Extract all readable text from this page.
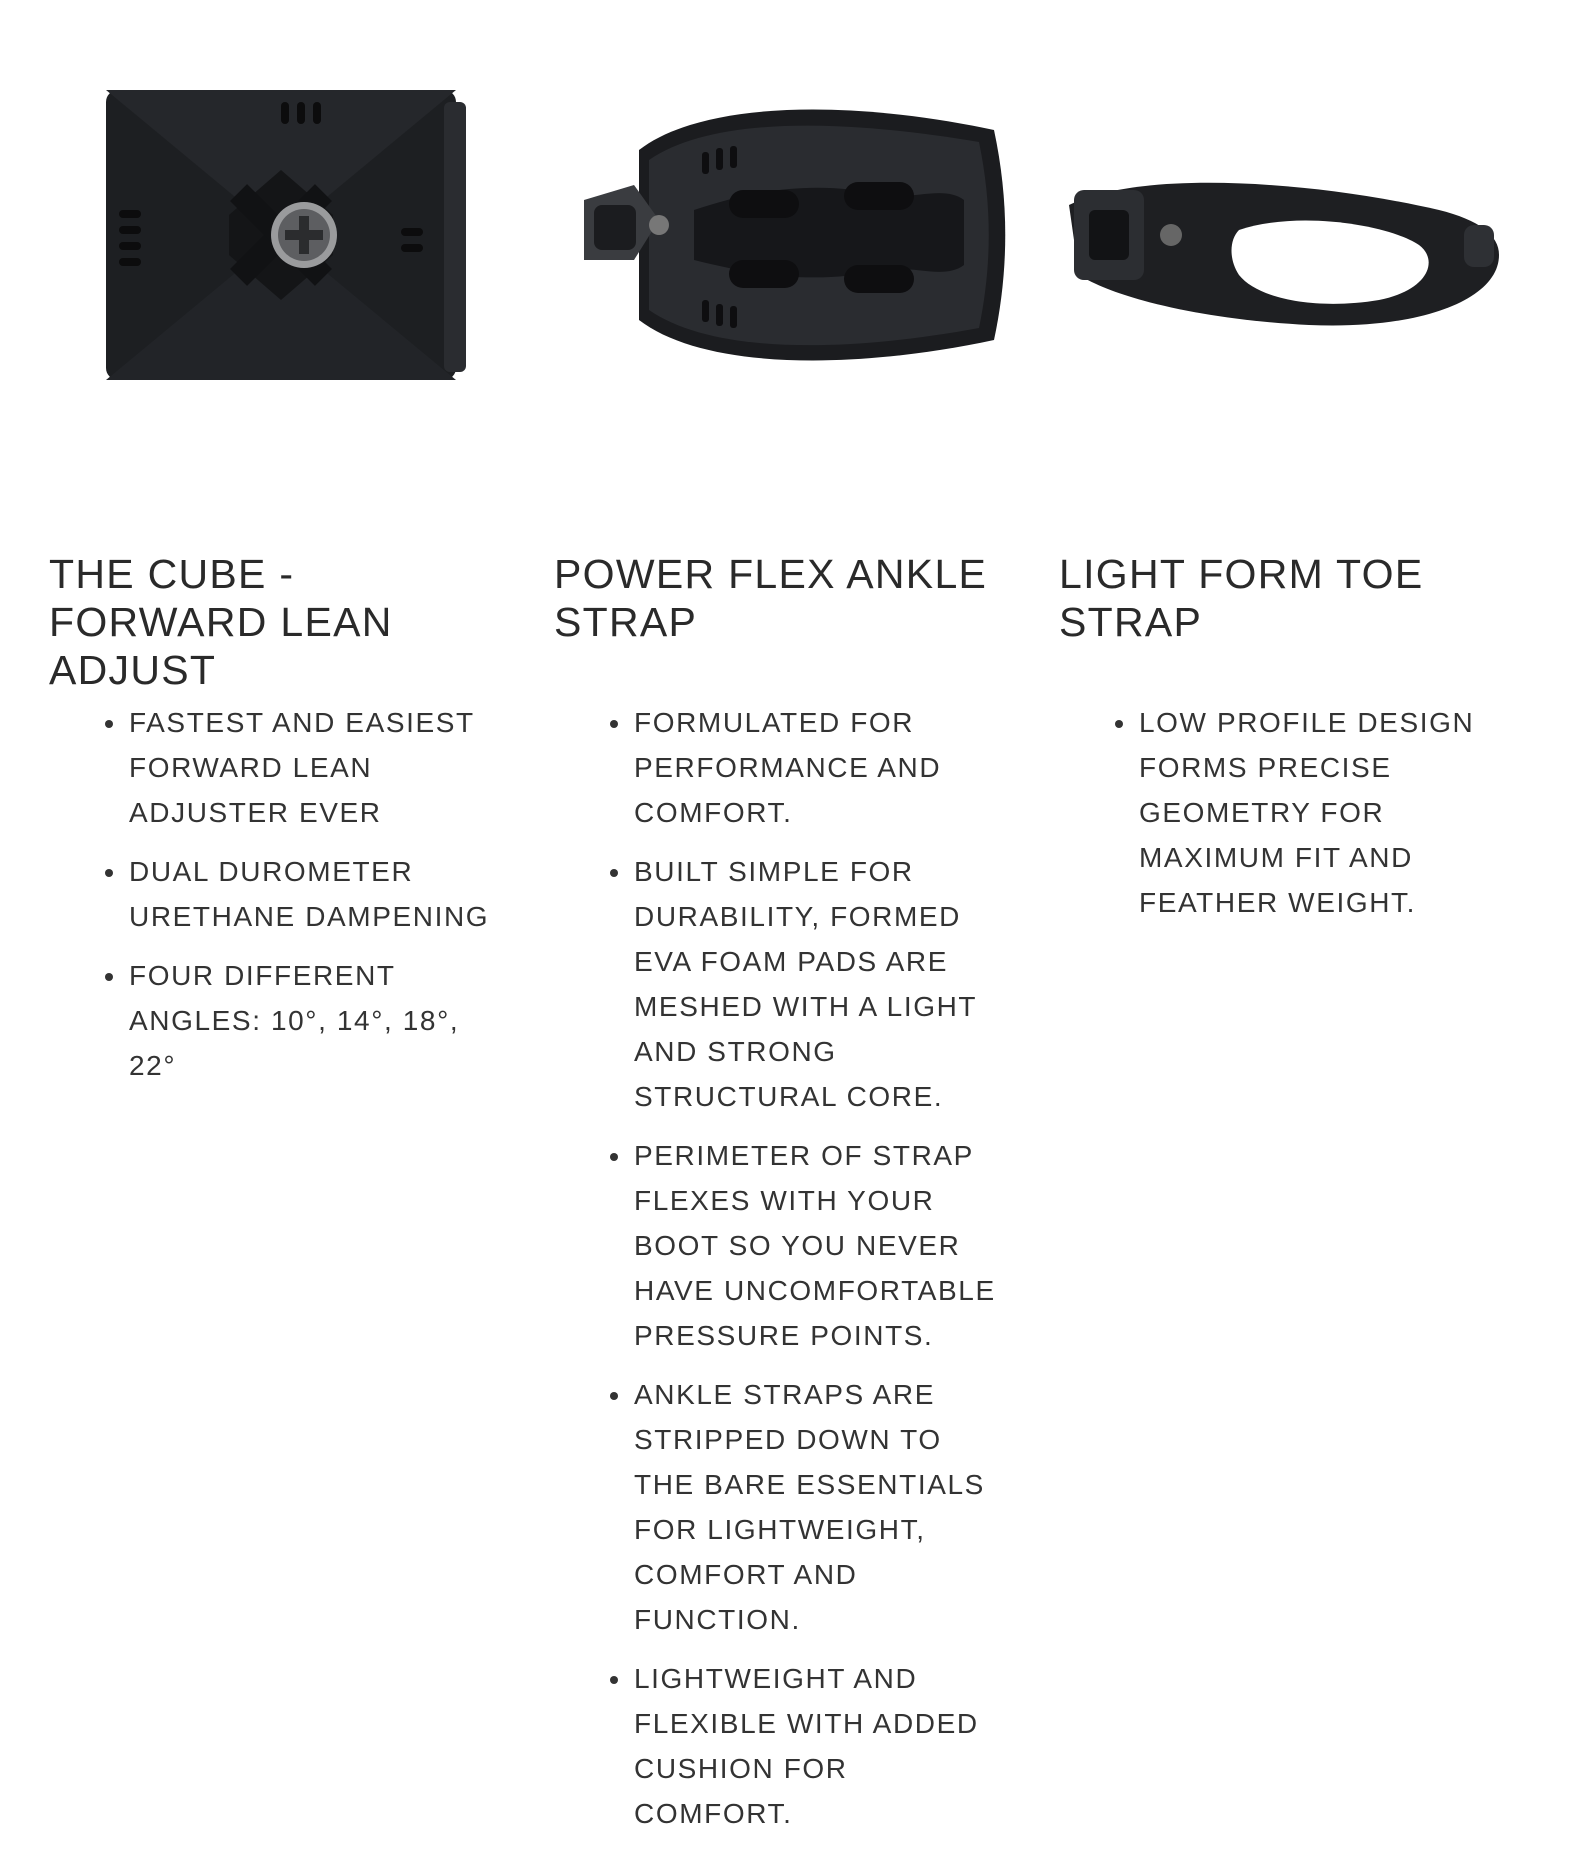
THE CUBE - FORWARD LEAN ADJUST
FASTEST AND EASIEST FORWARD LEAN ADJUSTER EVER
DUAL DUROMETER URETHANE DAMPENING
FOUR DIFFERENT ANGLES: 10°, 14°, 18°, 22°
POWER FLEX ANKLE STRAP
FORMULATED FOR PERFORMANCE AND COMFORT.
BUILT SIMPLE FOR DURABILITY, FORMED EVA FOAM PADS ARE MESHED WITH A LIGHT AND STRONG STRUCTURAL CORE.
PERIMETER OF STRAP FLEXES WITH YOUR BOOT SO YOU NEVER HAVE UNCOMFORTABLE PRESSURE POINTS.
ANKLE STRAPS ARE STRIPPED DOWN TO THE BARE ESSENTIALS FOR LIGHTWEIGHT, COMFORT AND FUNCTION.
LIGHTWEIGHT AND FLEXIBLE WITH ADDED CUSHION FOR COMFORT.
LIGHT FORM TOE STRAP
LOW PROFILE DESIGN FORMS PRECISE GEOMETRY FOR MAXIMUM FIT AND FEATHER WEIGHT.
